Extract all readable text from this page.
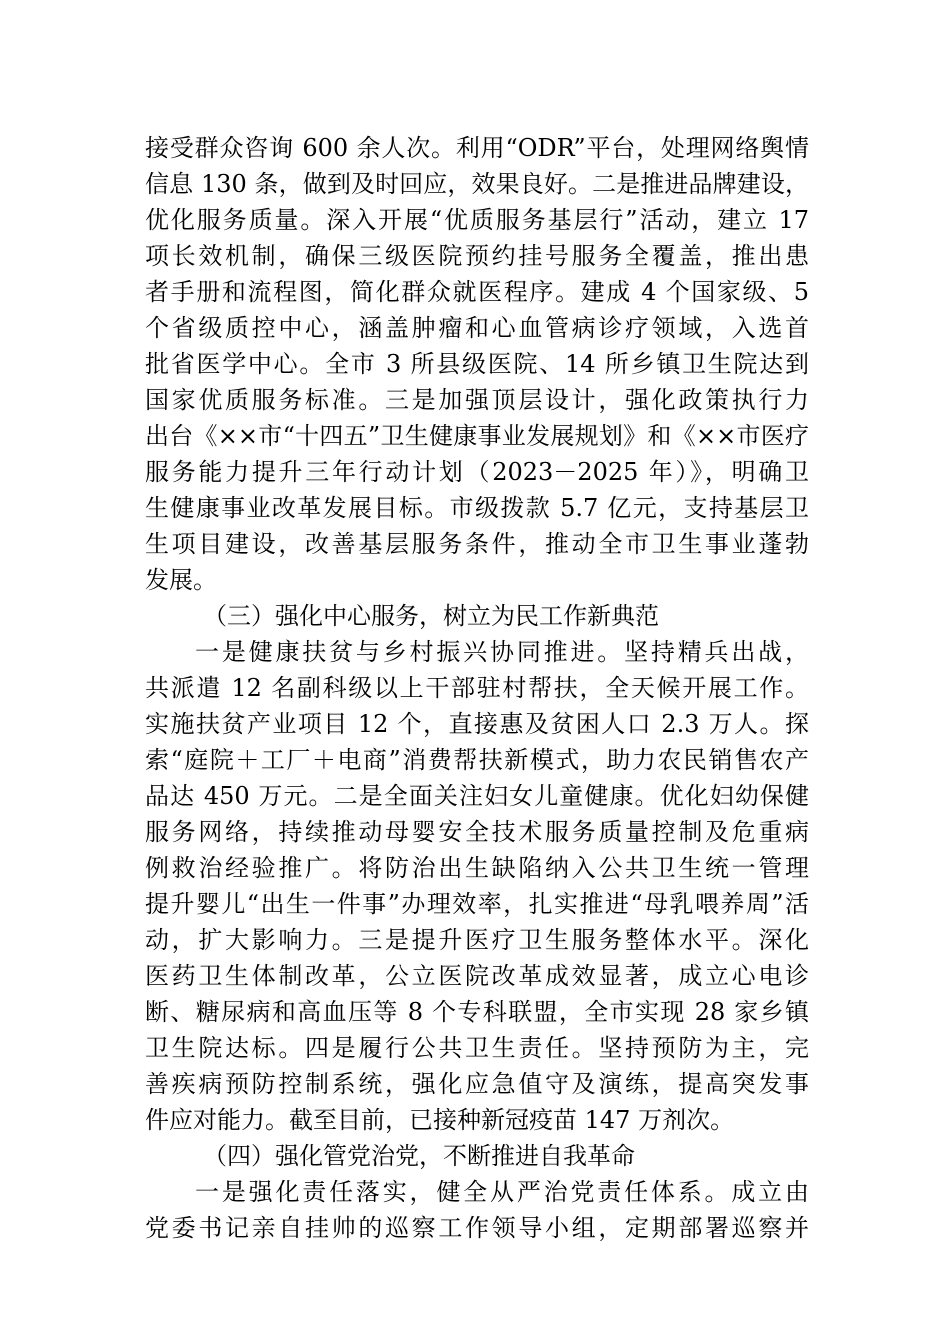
接受群众咨询 600 余人次。利用“ODR”平台，处理网络舆情
信息 130 条，做到及时回应，效果良好。二是推进品牌建设，
优化服务质量。深入开展“优质服务基层行”活动，建立 17
项长效机制，确保三级医院预约挂号服务全覆盖，推出患
者手册和流程图，简化群众就医程序。建成 4 个国家级、5
个省级质控中心，涵盖肿瘤和心血管病诊疗领域，入选首
批省医学中心。全市 3 所县级医院、14 所乡镇卫生院达到
国家优质服务标准。三是加强顶层设计，强化政策执行力
出台《××市“十四五”卫生健康事业发展规划》和《××市医疗
服务能力提升三年行动计划（2023－2025 年）》，明确卫
生健康事业改革发展目标。市级拨款 5.7 亿元，支持基层卫
生项目建设，改善基层服务条件，推动全市卫生事业蓬勃
发展。
（三）强化中心服务，树立为民工作新典范
一是健康扶贫与乡村振兴协同推进。坚持精兵出战，
共派遣 12 名副科级以上干部驻村帮扶，全天候开展工作。
实施扶贫产业项目 12 个，直接惠及贫困人口 2.3 万人。探
索“庭院＋工厂＋电商”消费帮扶新模式，助力农民销售农产
品达 450 万元。二是全面关注妇女儿童健康。优化妇幼保健
服务网络，持续推动母婴安全技术服务质量控制及危重病
例救治经验推广。将防治出生缺陷纳入公共卫生统一管理
提升婴儿“出生一件事”办理效率，扎实推进“母乳喂养周”活
动，扩大影响力。三是提升医疗卫生服务整体水平。深化
医药卫生体制改革，公立医院改革成效显著，成立心电诊
断、糖尿病和高血压等 8 个专科联盟，全市实现 28 家乡镇
卫生院达标。四是履行公共卫生责任。坚持预防为主，完
善疾病预防控制系统，强化应急值守及演练，提高突发事
件应对能力。截至目前，已接种新冠疫苗 147 万剂次。
（四）强化管党治党，不断推进自我革命
一是强化责任落实，健全从严治党责任体系。成立由
党委书记亲自挂帅的巡察工作领导小组，定期部署巡察并
